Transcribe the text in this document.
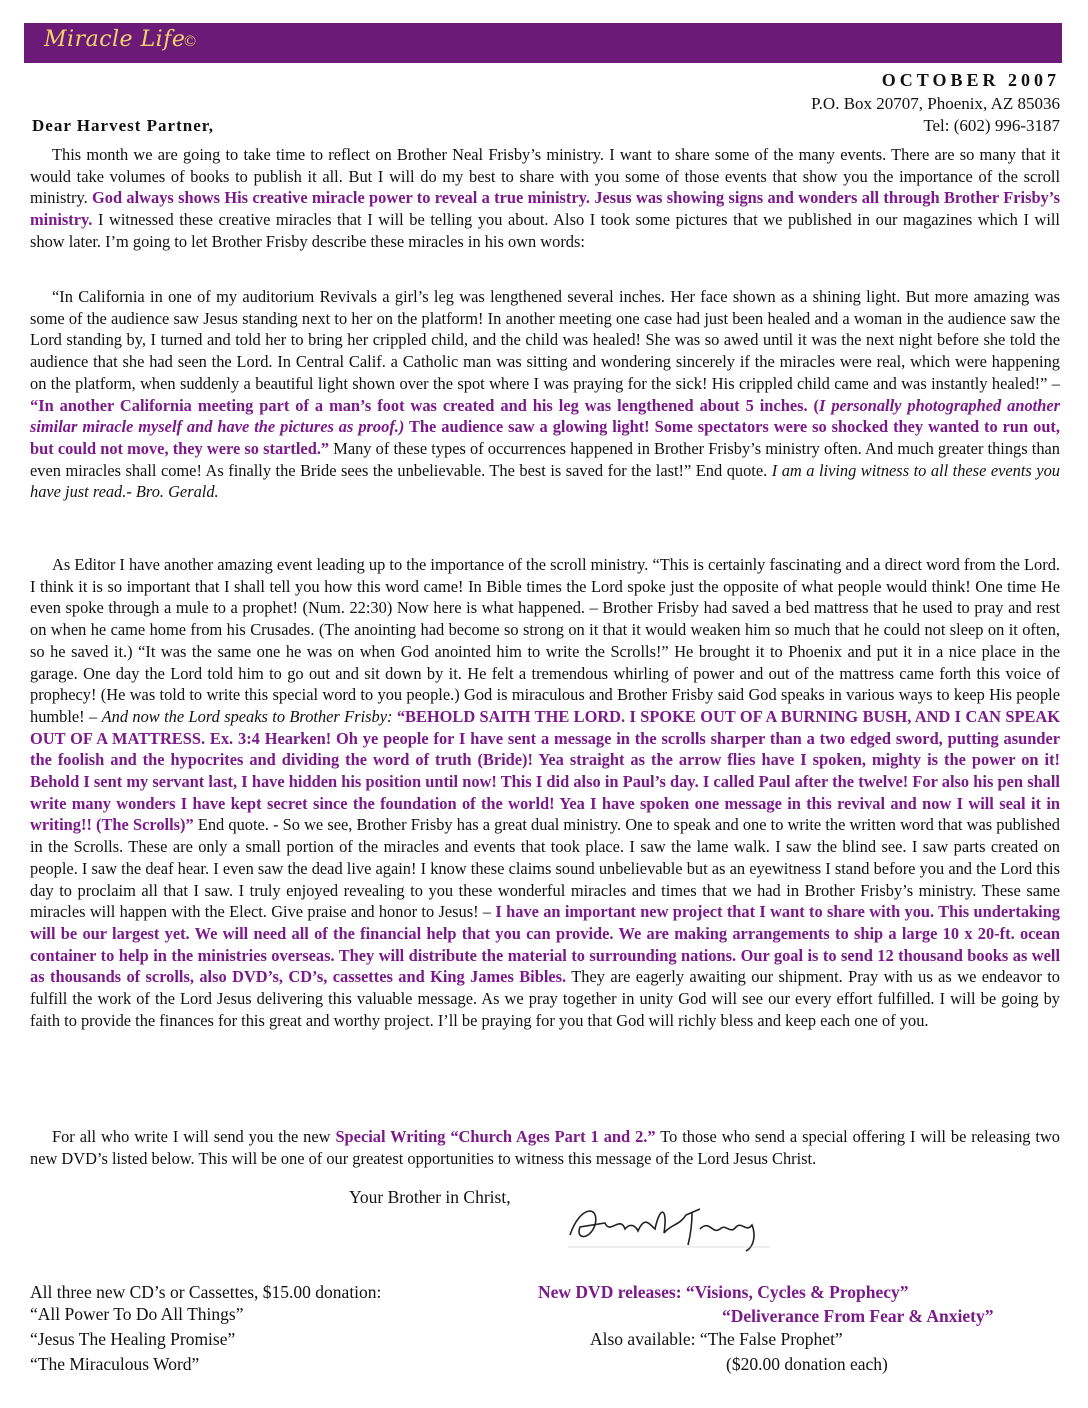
Miracle Life
©
OCTOBER 2007
P.O. Box 20707, Phoenix, AZ 85036
Tel: (602) 996-3187
Dear Harvest Partner,

This month we are going to take time to reflect on Brother Neal Frisby’s ministry. I want to share some of the many events. There are so many that it would take volumes of books to publish it all. But I will do my best to share with you some of those events that show you the importance of the scroll ministry. God always shows His creative miracle power to reveal a true ministry. Jesus was showing signs and wonders all through Brother Frisby’s ministry. I witnessed these creative miracles that I will be telling you about. Also I took some pictures that we published in our magazines which I will show later. I’m going to let Brother Frisby describe these miracles in his own words:

“In California in one of my auditorium Revivals a girl’s leg was lengthened several inches. Her face shown as a shining light. But more amazing was some of the audience saw Jesus standing next to her on the platform! In another meeting one case had just been healed and a woman in the audience saw the Lord standing by, I turned and told her to bring her crippled child, and the child was healed! She was so awed until it was the next night before she told the audience that she had seen the Lord. In Central Calif. a Catholic man was sitting and wondering sincerely if the miracles were real, which were happening on the platform, when suddenly a beautiful light shown over the spot where I was praying for the sick! His crippled child came and was instantly healed!” – “In another California meeting part of a man’s foot was created and his leg was lengthened about 5 inches. (I personally photographed another similar miracle myself and have the pictures as proof.) The audience saw a glowing light! Some spectators were so shocked they wanted to run out, but could not move, they were so startled.” Many of these types of occurrences happened in Brother Frisby’s ministry often. And much greater things than even miracles shall come! As finally the Bride sees the unbelievable. The best is saved for the last!” End quote. I am a living witness to all these events you have just read.- Bro. Gerald.

As Editor I have another amazing event leading up to the importance of the scroll ministry. “This is certainly fascinating and a direct word from the Lord. I think it is so important that I shall tell you how this word came! In Bible times the Lord spoke just the opposite of what people would think! One time He even spoke through a mule to a prophet! (Num. 22:30) Now here is what happened. – Brother Frisby had saved a bed mattress that he used to pray and rest on when he came home from his Crusades. (The anointing had become so strong on it that it would weaken him so much that he could not sleep on it often, so he saved it.) “It was the same one he was on when God anointed him to write the Scrolls!” He brought it to Phoenix and put it in a nice place in the garage. One day the Lord told him to go out and sit down by it. He felt a tremendous whirling of power and out of the mattress came forth this voice of prophecy! (He was told to write this special word to you people.) God is miraculous and Brother Frisby said God speaks in various ways to keep His people humble! – And now the Lord speaks to Brother Frisby: “BEHOLD SAITH THE LORD. I SPOKE OUT OF A BURNING BUSH, AND I CAN SPEAK OUT OF A MATTRESS. Ex. 3:4 Hearken! Oh ye people for I have sent a message in the scrolls sharper than a two edged sword, putting asunder the foolish and the hypocrites and dividing the word of truth (Bride)! Yea straight as the arrow flies have I spoken, mighty is the power on it! Behold I sent my servant last, I have hidden his position until now! This I did also in Paul’s day. I called Paul after the twelve! For also his pen shall write many wonders I have kept secret since the foundation of the world! Yea I have spoken one message in this revival and now I will seal it in writing!! (The Scrolls)” End quote. - So we see, Brother Frisby has a great dual ministry. One to speak and one to write the written word that was published in the Scrolls. These are only a small portion of the miracles and events that took place. I saw the lame walk. I saw the blind see. I saw parts created on people. I saw the deaf hear. I even saw the dead live again! I know these claims sound unbelievable but as an eyewitness I stand before you and the Lord this day to proclaim all that I saw. I truly enjoyed revealing to you these wonderful miracles and times that we had in Brother Frisby’s ministry. These same miracles will happen with the Elect. Give praise and honor to Jesus! – I have an important new project that I want to share with you. This undertaking will be our largest yet. We will need all of the financial help that you can provide. We are making arrangements to ship a large 10 x 20-ft. ocean container to help in the ministries overseas. They will distribute the material to surrounding nations. Our goal is to send 12 thousand books as well as thousands of scrolls, also DVD’s, CD’s, cassettes and King James Bibles. They are eagerly awaiting our shipment. Pray with us as we endeavor to fulfill the work of the Lord Jesus delivering this valuable message. As we pray together in unity God will see our every effort fulfilled. I will be going by faith to provide the finances for this great and worthy project. I’ll be praying for you that God will richly bless and keep each one of you.

For all who write I will send you the new Special Writing “Church Ages Part 1 and 2.” To those who send a special offering I will be releasing two new DVD’s listed below. This will be one of our greatest opportunities to witness this message of the Lord Jesus Christ.

Your Brother in Christ,
All three new CD’s or Cassettes, $15.00 donation:
“All Power To Do All Things”
“Jesus The Healing Promise”
“The Miraculous Word”
New DVD releases: “Visions, Cycles & Prophecy”
“Deliverance From Fear & Anxiety”
Also available: “The False Prophet”
($20.00 donation each)
